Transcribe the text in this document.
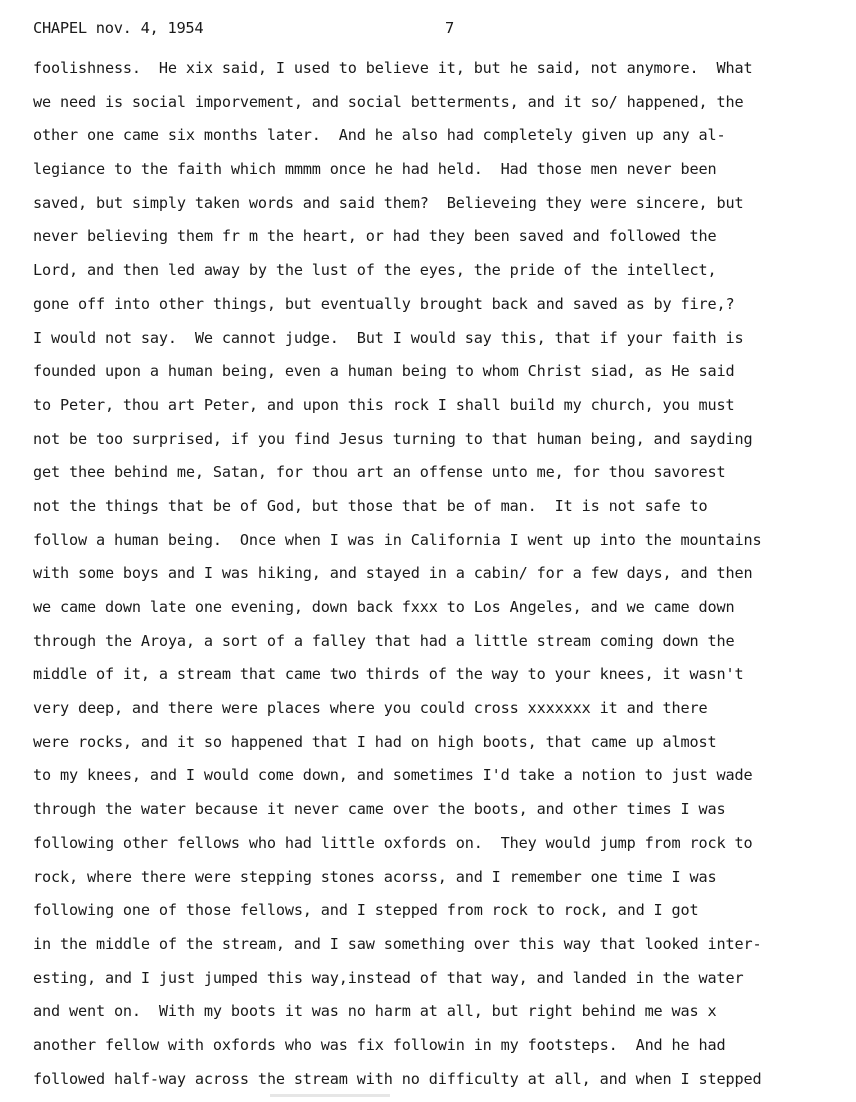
CHAPEL nov. 4, 1954

	7

foolishness.  He xix said, I used to believe it, but he said, not anymore.  What
we need is social imporvement, and social betterments, and it so/ happened, the
other one came six months later.  And he also had completely given up any al-
legiance to the faith which mmmm once he had held.  Had those men never been
saved, but simply taken words and said them?  Believeing they were sincere, but
never believing them fr m the heart, or had they been saved and followed the
Lord, and then led away by the lust of the eyes, the pride of the intellect,
gone off into other things, but eventually brought back and saved as by fire,?
I would not say.  We cannot judge.  But I would say this, that if your faith is
founded upon a human being, even a human being to whom Christ siad, as He said
to Peter, thou art Peter, and upon this rock I shall build my church, you must
not be too surprised, if you find Jesus turning to that human being, and sayding
get thee behind me, Satan, for thou art an offense unto me, for thou savorest
not the things that be of God, but those that be of man.  It is not safe to
follow a human being.  Once when I was in California I went up into the mountains
with some boys and I was hiking, and stayed in a cabin/ for a few days, and then
we came down late one evening, down back fxxx to Los Angeles, and we came down
through the Aroya, a sort of a falley that had a little stream coming down the
middle of it, a stream that came two thirds of the way to your knees, it wasn't
very deep, and there were places where you could cross xxxxxxx it and there
were rocks, and it so happened that I had on high boots, that came up almost
to my knees, and I would come down, and sometimes I'd take a notion to just wade
through the water because it never came over the boots, and other times I was
following other fellows who had little oxfords on.  They would jump from rock to
rock, where there were stepping stones acorss, and I remember one time I was
following one of those fellows, and I stepped from rock to rock, and I got
in the middle of the stream, and I saw something over this way that looked inter-
esting, and I just jumped this way,instead of that way, and landed in the water
and went on.  With my boots it was no harm at all, but right behind me was x
another fellow with oxfords who was fix followin in my footsteps.  And he had
followed half-way across the stream with no difficulty at all, and when I stepped
